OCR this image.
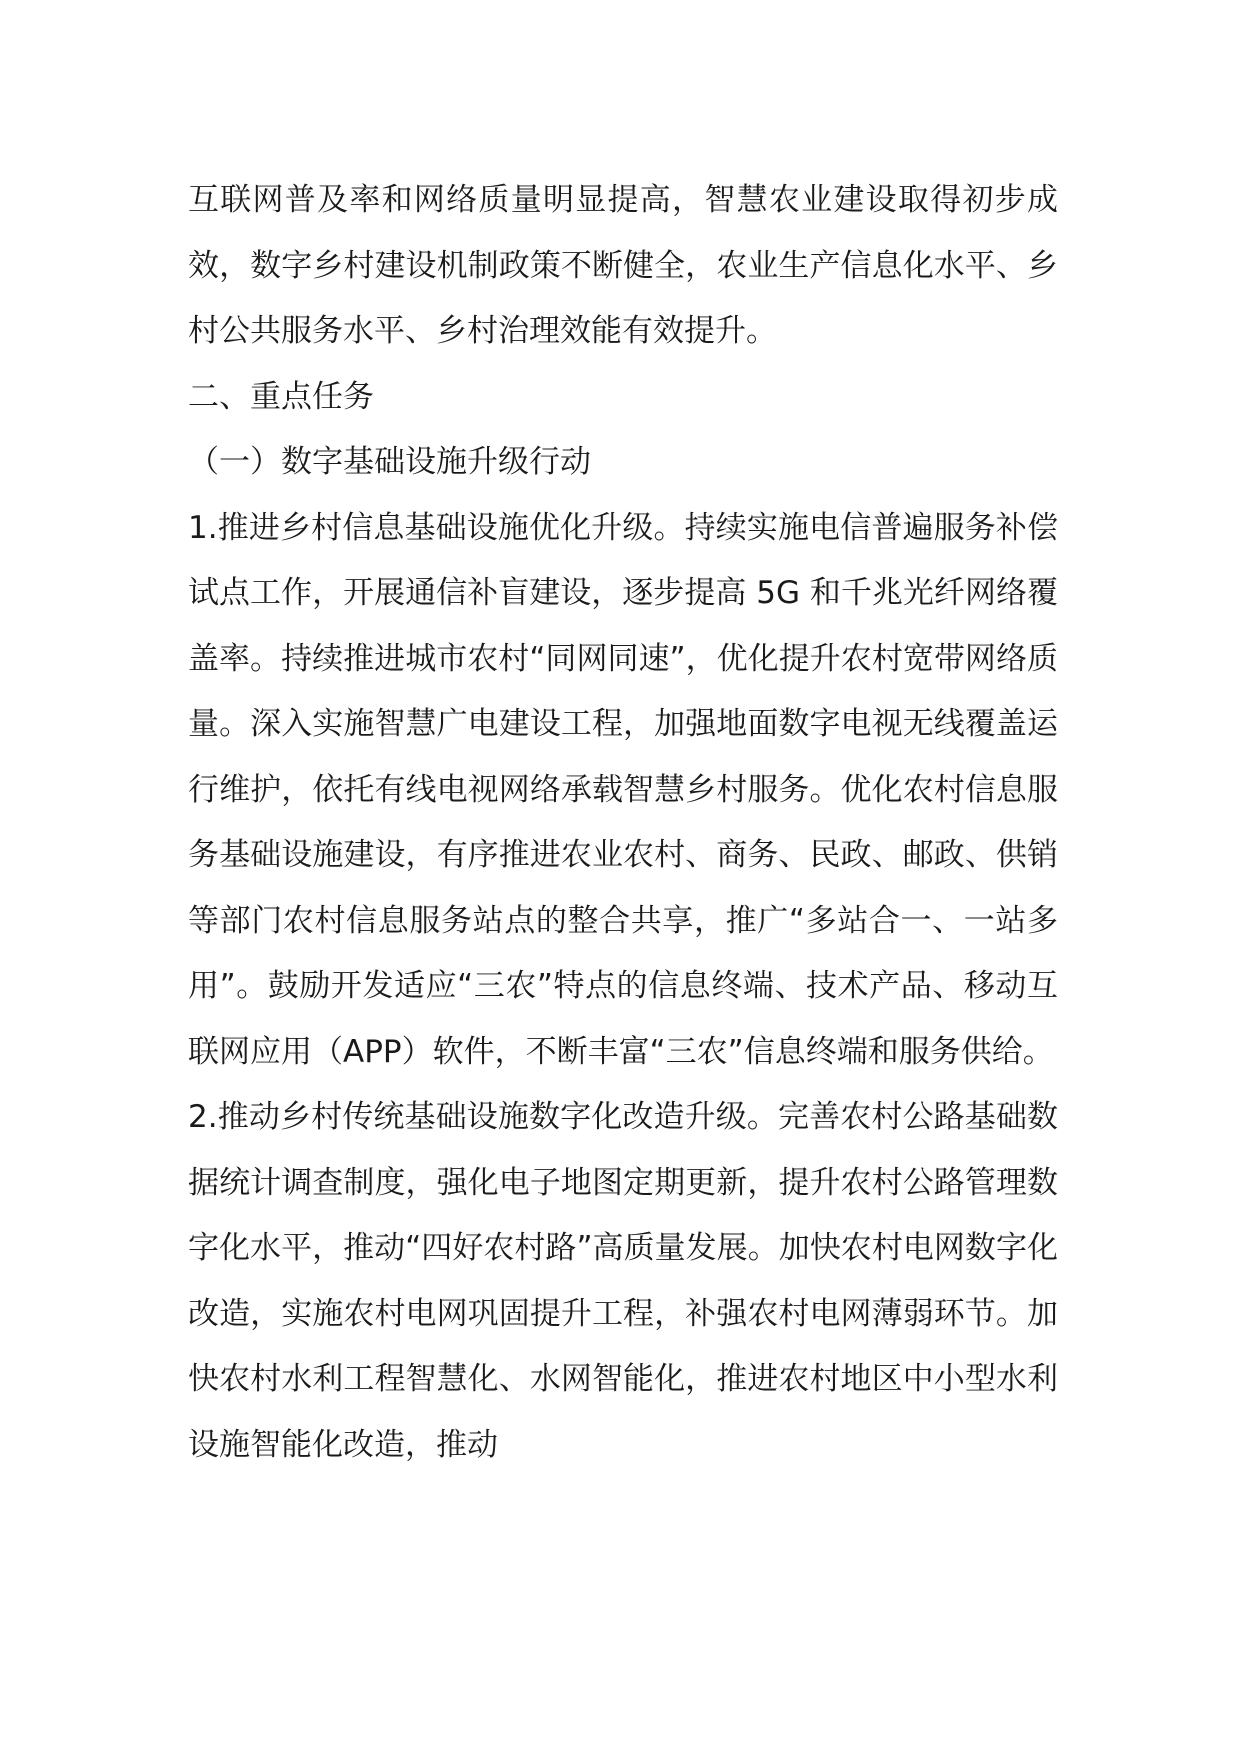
互联网普及率和网络质量明显提高，智慧农业建设取得初步成效，数字乡村建设机制政策不断健全，农业生产信息化水平、乡村公共服务水平、乡村治理效能有效提升。

二、重点任务

（一）数字基础设施升级行动

1.推进乡村信息基础设施优化升级。持续实施电信普遍服务补偿试点工作，开展通信补盲建设，逐步提高 5G 和千兆光纤网络覆盖率。持续推进城市农村“同网同速”，优化提升农村宽带网络质量。深入实施智慧广电建设工程，加强地面数字电视无线覆盖运行维护，依托有线电视网络承载智慧乡村服务。优化农村信息服务基础设施建设，有序推进农业农村、商务、民政、邮政、供销等部门农村信息服务站点的整合共享，推广“多站合一、一站多用”。鼓励开发适应“三农”特点的信息终端、技术产品、移动互联网应用（APP）软件，不断丰富“三农”信息终端和服务供给。

2.推动乡村传统基础设施数字化改造升级。完善农村公路基础数据统计调查制度，强化电子地图定期更新，提升农村公路管理数字化水平，推动“四好农村路”高质量发展。加快农村电网数字化改造，实施农村电网巩固提升工程，补强农村电网薄弱环节。加快农村水利工程智慧化、水网智能化，推进农村地区中小型水利设施智能化改造，推动
